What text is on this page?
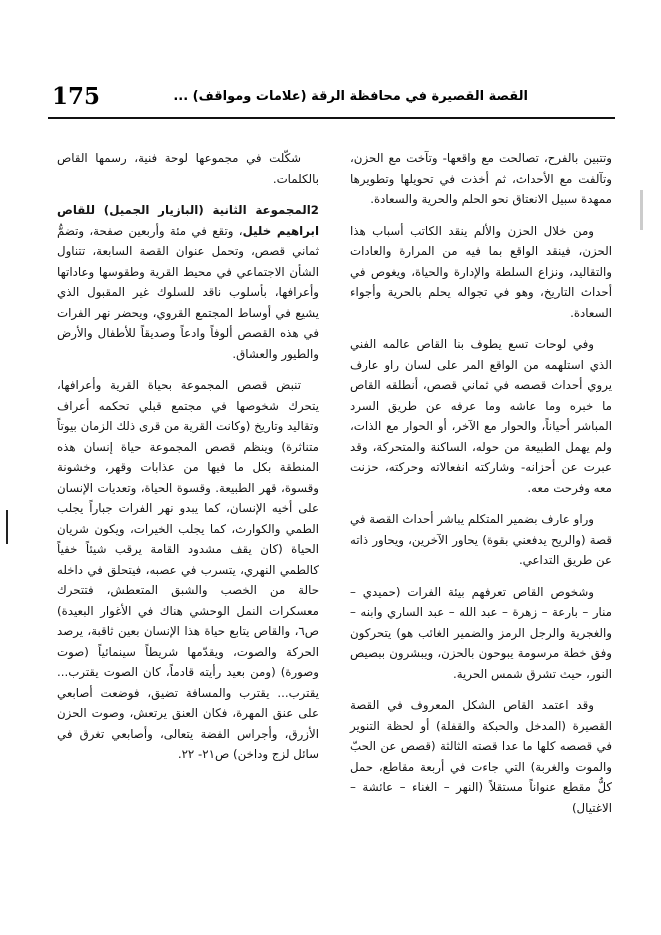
175	القصة القصيرة في محافظة الرقة (علامات ومواقف) ...

وتتبين بالفرح، تصالحت مع واقعها- وتآخت مع الحزن، وتآلفت مع الأحداث، ثم أخذت في تحويلها وتطويرها ممهدة سبيل الانعتاق نحو الحلم والحرية والسعادة.

ومن خلال الحزن والألم ينقد الكاتب أسباب هذا الحزن، فينقد الواقع بما فيه من المرارة والعادات والتقاليد، ونزاع السلطة والإدارة والحياة، ويغوص في أحداث التاريخ، وهو في تجواله يحلم بالحرية وأجواء السعادة.

وفي لوحات تسع يطوف بنا القاص عالمه الفني الذي استلهمه من الواقع المر على لسان راو عارف يروي أحداث قصصه في ثماني قصص، أنطلقه القاص ما خبره وما عاشه وما عرفه عن طريق السرد المباشر أحياناً، والحوار مع الآخر، أو الحوار مع الذات، ولم يهمل الطبيعة من حوله، الساكنة والمتحركة، وقد عبرت عن أحزانه- وشاركته انفعالاته وحركته، حزنت معه وفرحت معه.

وراو عارف بضمير المتكلم يباشر أحداث القصة في قصة (والريح يدفعني بقوة) يحاور الآخرين، ويحاور ذاته عن طريق التداعي.

وشخوص القاص تعرفهم بيئة الفرات (حميدي – منار – بارعة – زهرة – عبد الله – عبد الساري وابنه – والغجرية والرجل الرمز والضمير الغائب هو) يتحركون وفق خطة مرسومة يبوحون بالحزن، ويبشرون ببصيص النور، حيث تشرق شمس الحرية.

وقد اعتمد القاص الشكل المعروف في القصة القصيرة (المدخل والحبكة والقفلة) أو لحظة التنوير في قصصه كلها ما عدا قصته الثالثة (قصص عن الحبّ والموت والغربة) التي جاءت في أربعة مقاطع، حمل كلُّ مقطع عنواناً مستقلاً (النهر – الغناء – عائشة – الاغتيال)

شكّلت في مجموعها لوحة فنية، رسمها القاص بالكلمات.

2المجموعة الثانية (البازيار الجميل) للقاص ابراهيم خليل، وتقع في مئة وأربعين صفحة، وتضمُّ ثماني قصص، وتحمل عنوان القصة السابعة، تتناول الشأن الاجتماعي في محيط القرية وطقوسها وعاداتها وأعرافها، بأسلوب ناقد للسلوك غير المقبول الذي يشيع في أوساط المجتمع القروي، ويحضر نهر الفرات في هذه القصص ألوفاً وادعاً وصديقاً للأطفال والأرض والطيور والعشاق.

تنبض قصص المجموعة بحياة القرية وأعرافها، يتحرك شخوصها في مجتمع قبلي تحكمه أعراف وتقاليد وتاريخ (وكانت القرية من قرى ذلك الزمان بيوتاً متناثرة) وينظم قصص المجموعة حياة إنسان هذه المنطقة بكل ما فيها من عذابات وقهر، وخشونة وقسوة، قهر الطبيعة. وقسوة الحياة، وتعديات الإنسان على أخيه الإنسان، كما يبدو نهر الفرات جباراً يجلب الطمي والكوارث، كما يجلب الخيرات، ويكون شريان الحياة (كان يقف مشدود القامة يرقب شيئاً خفياً كالطمي النهري، يتسرب في عصبه، فيتحلق في داخله حالة من الخصب والشبق المتعطش، فتتحرك معسكرات النمل الوحشي هناك في الأغوار البعيدة) ص٦، والقاص يتابع حياة هذا الإنسان بعين ثاقبة، يرصد الحركة والصوت، ويقدّمها شريطاً سينمائياً (صوت وصورة) (ومن بعيد رأيته قادماً، كان الصوت يقترب... يقترب... يقترب والمسافة تضيق، فوضعت أصابعي على عنق المهرة، فكان العنق يرتعش، وصوت الحزن الأزرق، وأجراس الفضة يتعالى، وأصابعي تغرق في سائل لزج وداخن) ص٢١- ٢٢.
